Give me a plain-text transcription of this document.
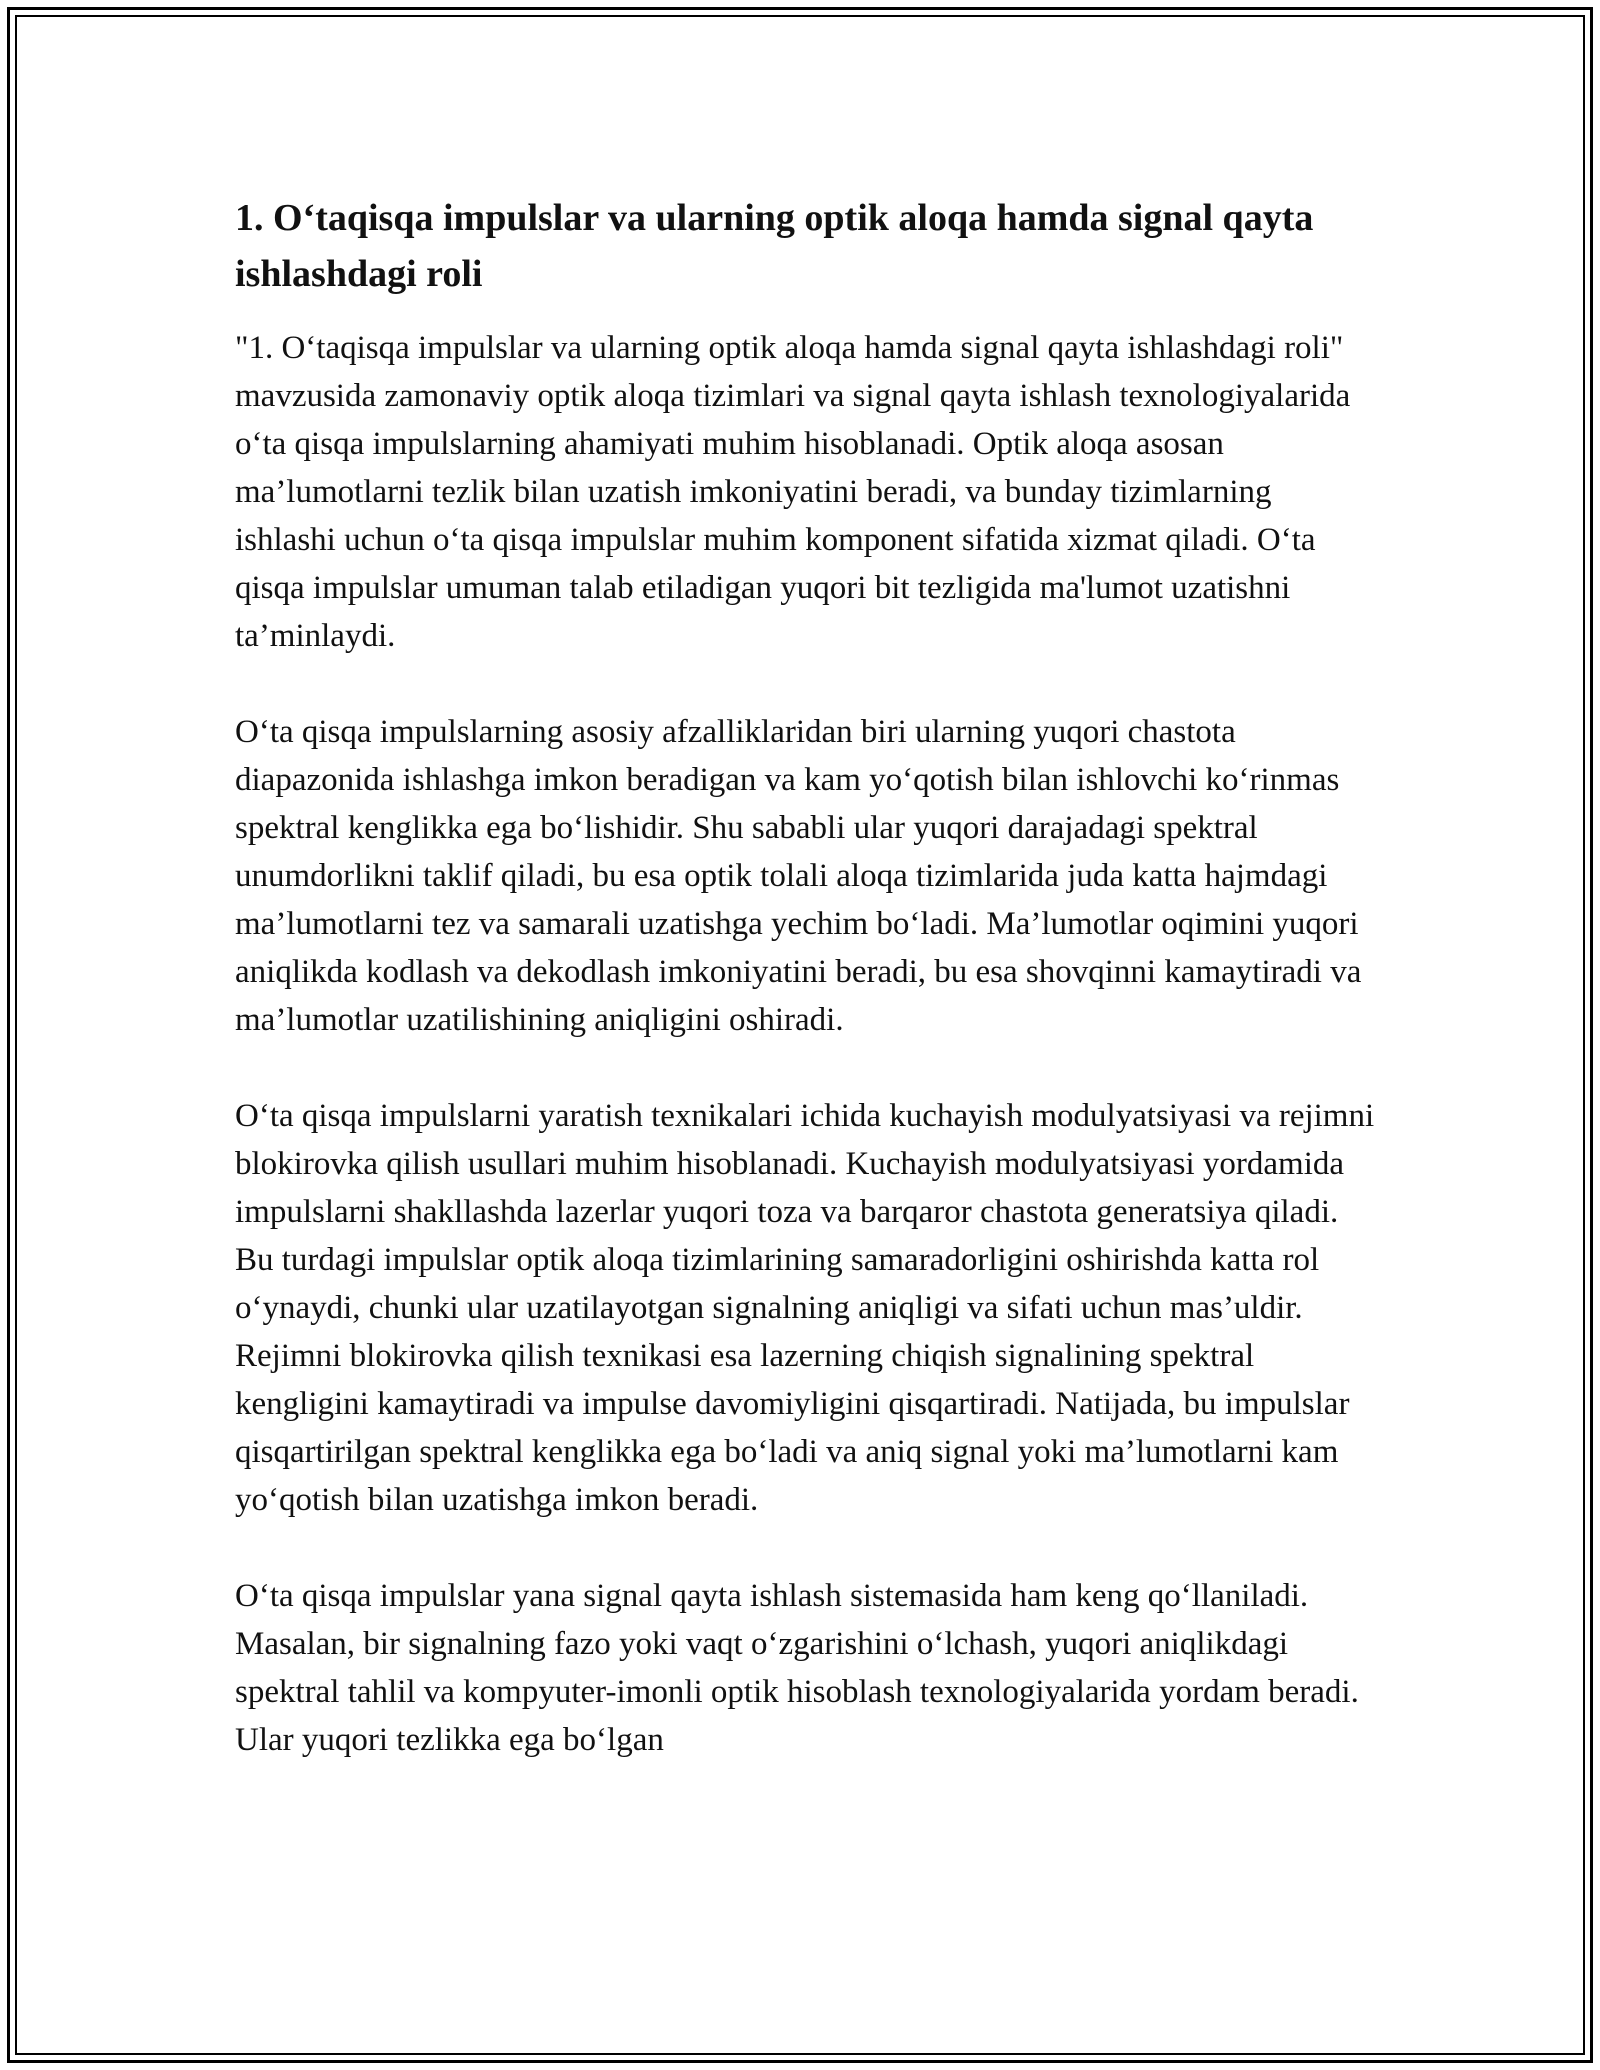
1. O‘taqisqa impulslar va ularning optik aloqa hamda signal qayta ishlashdagi roli

"1. O‘taqisqa impulslar va ularning optik aloqa hamda signal qayta ishlashdagi roli" mavzusida zamonaviy optik aloqa tizimlari va signal qayta ishlash texnologiyalarida o‘ta qisqa impulslarning ahamiyati muhim hisoblanadi. Optik aloqa asosan ma’lumotlarni tezlik bilan uzatish imkoniyatini beradi, va bunday tizimlarning ishlashi uchun o‘ta qisqa impulslar muhim komponent sifatida xizmat qiladi. O‘ta qisqa impulslar umuman talab etiladigan yuqori bit tezligida ma'lumot uzatishni ta’minlaydi.

O‘ta qisqa impulslarning asosiy afzalliklaridan biri ularning yuqori chastota diapazonida ishlashga imkon beradigan va kam yo‘qotish bilan ishlovchi ko‘rinmas spektral kenglikka ega bo‘lishidir. Shu sababli ular yuqori darajadagi spektral unumdorlikni taklif qiladi, bu esa optik tolali aloqa tizimlarida juda katta hajmdagi ma’lumotlarni tez va samarali uzatishga yechim bo‘ladi. Ma’lumotlar oqimini yuqori aniqlikda kodlash va dekodlash imkoniyatini beradi, bu esa shovqinni kamaytiradi va ma’lumotlar uzatilishining aniqligini oshiradi.

O‘ta qisqa impulslarni yaratish texnikalari ichida kuchayish modulyatsiyasi va rejimni blokirovka qilish usullari muhim hisoblanadi. Kuchayish modulyatsiyasi yordamida impulslarni shakllashda lazerlar yuqori toza va barqaror chastota generatsiya qiladi. Bu turdagi impulslar optik aloqa tizimlarining samaradorligini oshirishda katta rol o‘ynaydi, chunki ular uzatilayotgan signalning aniqligi va sifati uchun mas’uldir. Rejimni blokirovka qilish texnikasi esa lazerning chiqish signalining spektral kengligini kamaytiradi va impulse davomiyligini qisqartiradi. Natijada, bu impulslar qisqartirilgan spektral kenglikka ega bo‘ladi va aniq signal yoki ma’lumotlarni kam yo‘qotish bilan uzatishga imkon beradi.

O‘ta qisqa impulslar yana signal qayta ishlash sistemasida ham keng qo‘llaniladi. Masalan, bir signalning fazo yoki vaqt o‘zgarishini o‘lchash, yuqori aniqlikdagi spektral tahlil va kompyuter-imonli optik hisoblash texnologiyalarida yordam beradi. Ular yuqori tezlikka ega bo‘lgan
